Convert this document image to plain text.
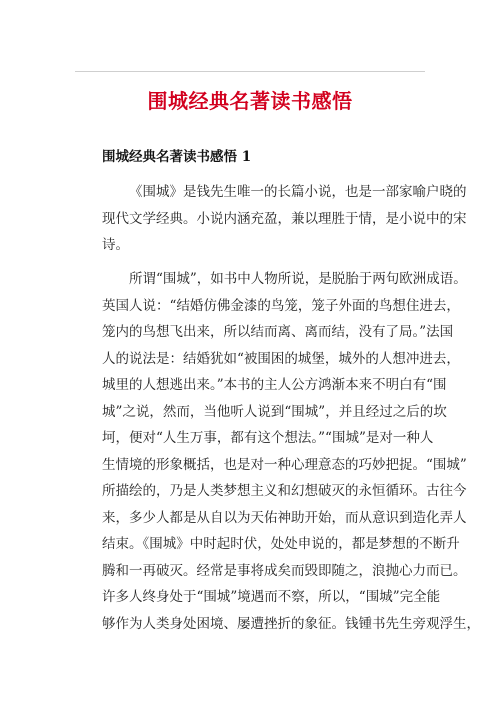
围城经典名著读书感悟
围城经典名著读书感悟 1
《围城》是钱先生唯一的长篇小说，也是一部家喻户晓的
现代文学经典。小说内涵充盈，兼以理胜于情，是小说中的宋
诗。
所谓“围城”，如书中人物所说，是脱胎于两句欧洲成语。
英国人说：“结婚仿佛金漆的鸟笼，笼子外面的鸟想住进去，
笼内的鸟想飞出来，所以结而离、离而结，没有了局。”法国
人的说法是：结婚犹如“被围困的城堡，城外的人想冲进去，
城里的人想逃出来。”本书的主人公方鸿渐本来不明白有“围
城”之说，然而，当他听人说到“围城”，并且经过之后的坎
坷，便对“人生万事，都有这个想法。”“围城”是对一种人
生情境的形象概括，也是对一种心理意态的巧妙把捉。“围城”
所描绘的，乃是人类梦想主义和幻想破灭的永恒循环。古往今
来，多少人都是从自以为天佑神助开始，而从意识到造化弄人
结束。《围城》中时起时伏，处处申说的，都是梦想的不断升
腾和一再破灭。经常是事将成矣而毁即随之，浪抛心力而已。
许多人终身处于“围城”境遇而不察，所以，“围城”完全能
够作为人类身处困境、屡遭挫折的象征。钱锺书先生旁观浮生，
